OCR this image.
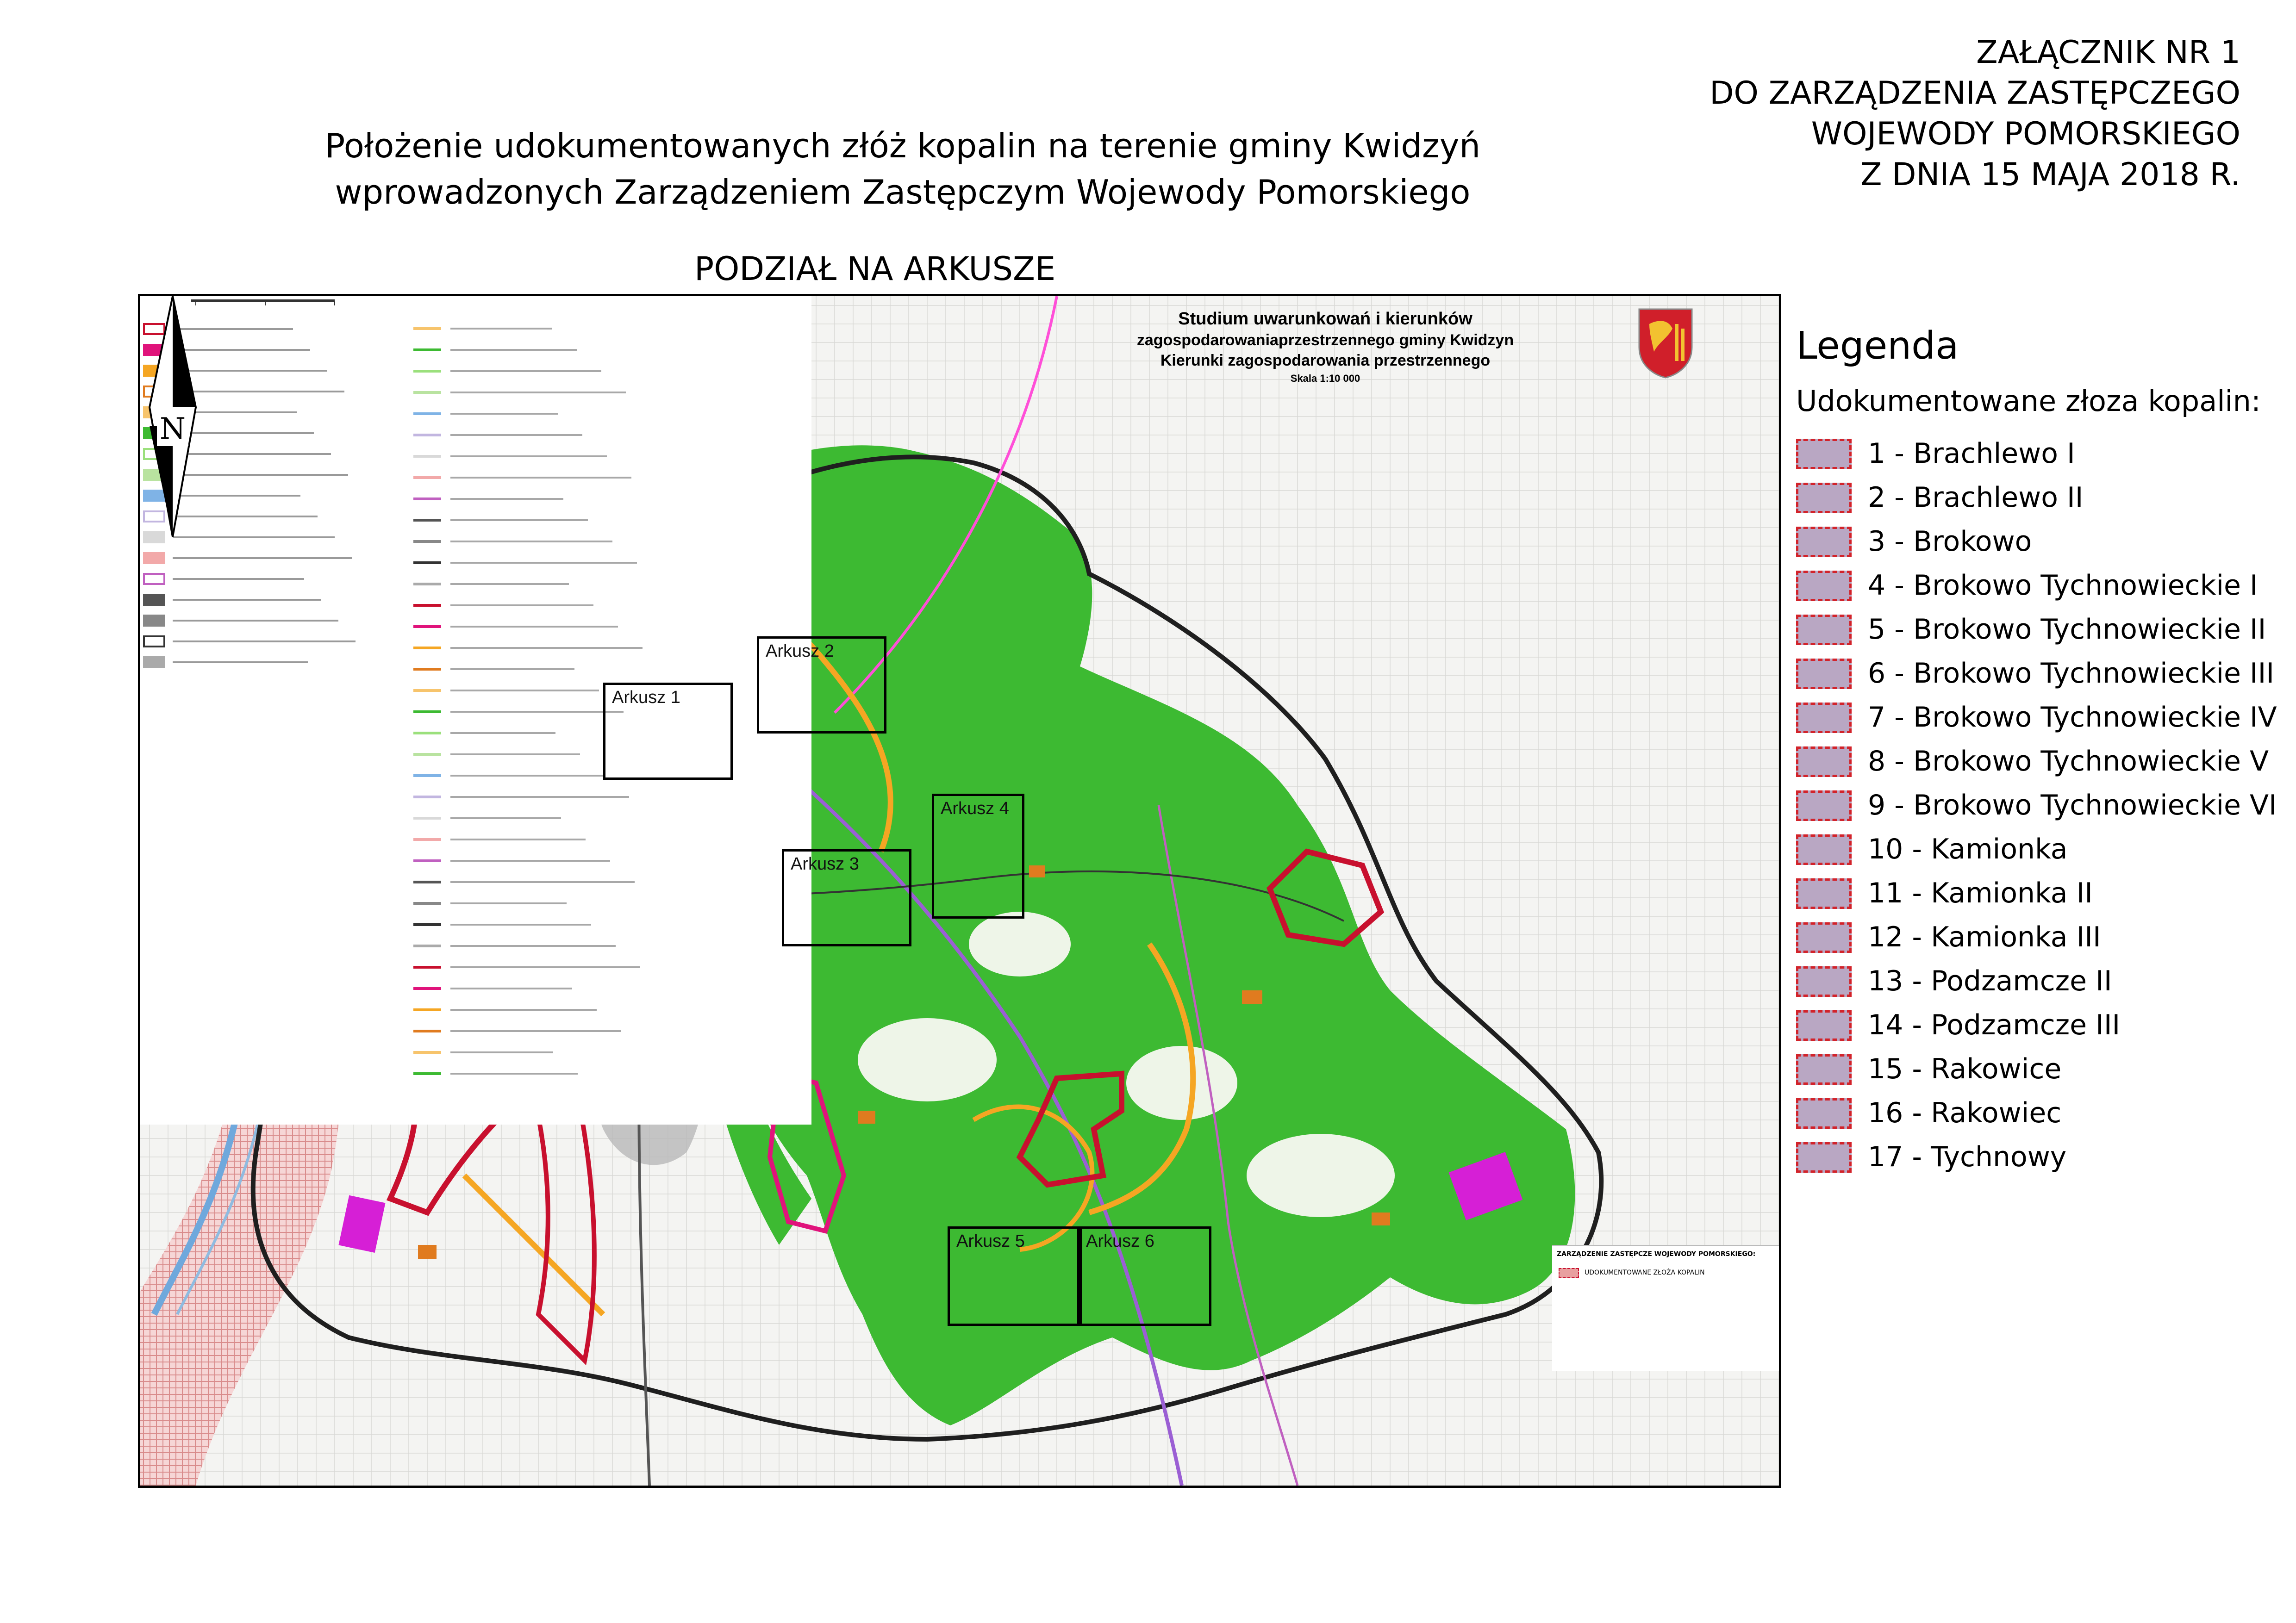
ZAŁĄCZNIK NR 1
DO ZARZĄDZENIA ZASTĘPCZEGO
WOJEWODY POMORSKIEGO
Z DNIA 15 MAJA 2018 R.
Położenie udokumentowanych złóż kopalin na terenie gminy Kwidzyń
wprowadzonych Zarządzeniem Zastępczym Wojewody Pomorskiego
PODZIAŁ NA ARKUSZE
Studium uwarunkowań i kierunków
zagospodarowaniaprzestrzennego gminy Kwidzyn
Kierunki zagospodarowania przestrzennego
Skala 1:10 000
N
ZARZĄDZENIE ZASTĘPCZE WOJEWODY POMORSKIEGO:
UDOKUMENTOWANE ZŁOŻA KOPALIN
Arkusz 1
Arkusz 2
Arkusz 3
Arkusz 4
Arkusz 5	Arkusz 6
Legenda
Udokumentowane złoza kopalin:
1 - Brachlewo I
2 - Brachlewo II
3 - Brokowo
4 - Brokowo Tychnowieckie I
5 - Brokowo Tychnowieckie II
6 - Brokowo Tychnowieckie III
7 - Brokowo Tychnowieckie IV
8 - Brokowo Tychnowieckie V
9 - Brokowo Tychnowieckie VI
10 - Kamionka
11 - Kamionka II
12 - Kamionka III
13 - Podzamcze II
14 - Podzamcze III
15 - Rakowice
16 - Rakowiec
17 - Tychnowy
